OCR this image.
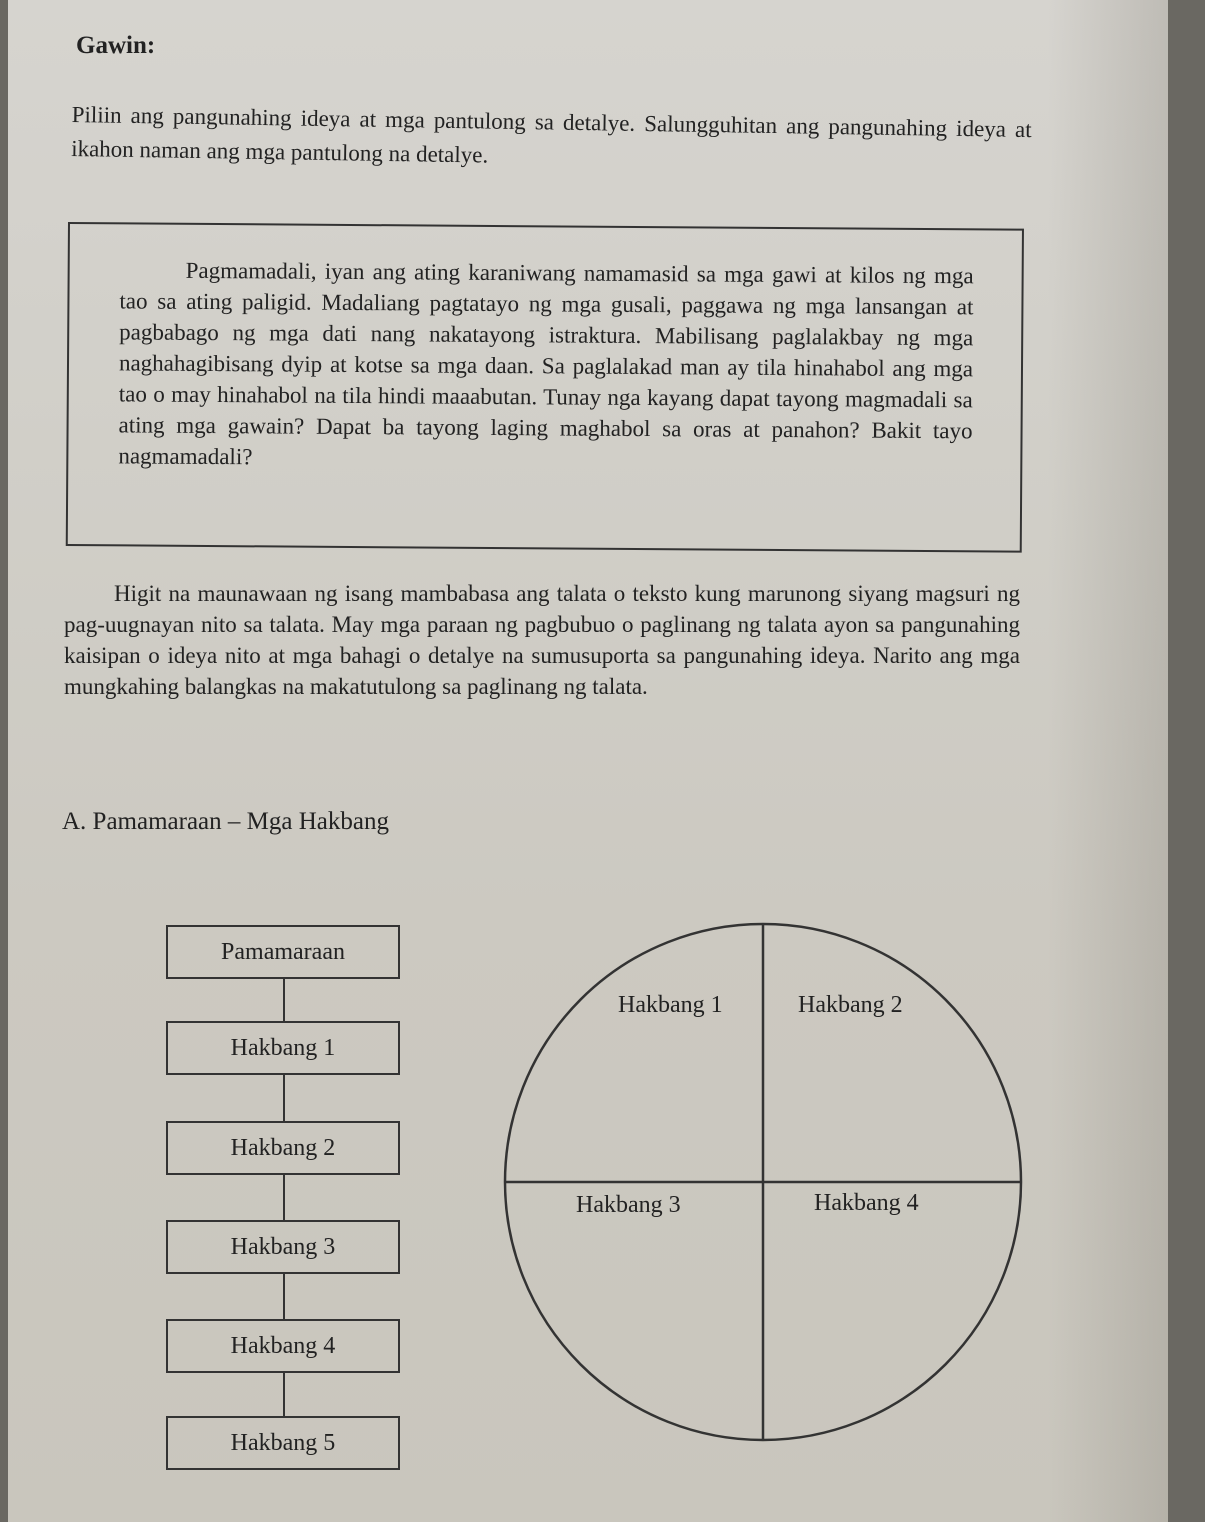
Gawin:

Piliin ang pangunahing ideya at mga pantulong sa detalye. Salungguhitan ang pangunahing ideya at ikahon naman ang mga pantulong na detalye.

Pagmamadali, iyan ang ating karaniwang namamasid sa mga gawi at kilos ng mga tao sa ating paligid. Madaliang pagtatayo ng mga gusali, paggawa ng mga lansangan at pagbabago ng mga dati nang nakatayong istraktura. Mabilisang paglalakbay ng mga naghahagibisang dyip at kotse sa mga daan. Sa paglalakad man ay tila hinahabol ang mga tao o may hinahabol na tila hindi maaabutan. Tunay nga kayang dapat tayong magmadali sa ating mga gawain? Dapat ba tayong laging maghabol sa oras at panahon? Bakit tayo nagmamadali?

Higit na maunawaan ng isang mambabasa ang talata o teksto kung marunong siyang magsuri ng pag-uugnayan nito sa talata. May mga paraan ng pagbubuo o paglinang ng talata ayon sa pangunahing kaisipan o ideya nito at mga bahagi o detalye na sumusuporta sa pangunahing ideya. Narito ang mga mungkahing balangkas na makatutulong sa paglinang ng talata.

A. Pamamaraan – Mga Hakbang

Pamamaraan
Hakbang 1
Hakbang 2
Hakbang 3
Hakbang 4
Hakbang 5
Hakbang 1	Hakbang 2
Hakbang 3	Hakbang 4
